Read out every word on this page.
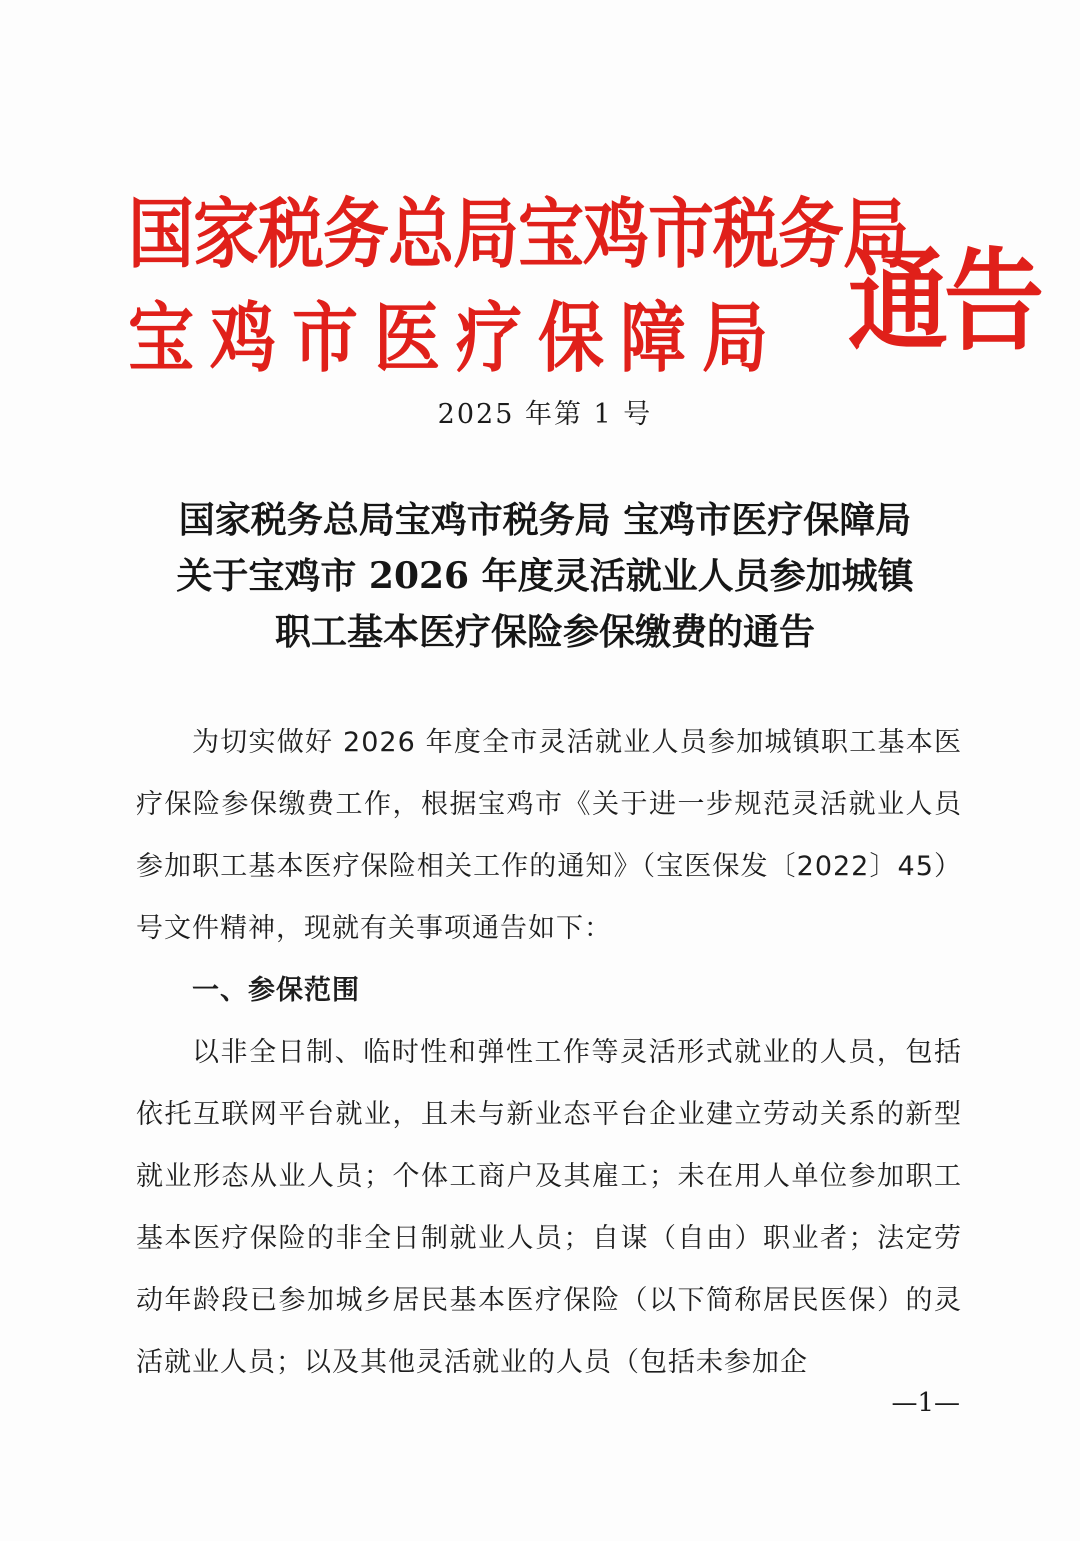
国家税务总局宝鸡市税务局
宝鸡市医疗保障局 通告
2025 年第 1 号
国家税务总局宝鸡市税务局 宝鸡市医疗保障局
关于宝鸡市 2026 年度灵活就业人员参加城镇
职工基本医疗保险参保缴费的通告

为切实做好 2026 年度全市灵活就业人员参加城镇职工基本医疗保险参保缴费工作，根据宝鸡市《关于进一步规范灵活就业人员参加职工基本医疗保险相关工作的通知》（宝医保发〔2022〕45）号文件精神，现就有关事项通告如下：

一、参保范围

以非全日制、临时性和弹性工作等灵活形式就业的人员，包括依托互联网平台就业，且未与新业态平台企业建立劳动关系的新型就业形态从业人员；个体工商户及其雇工；未在用人单位参加职工基本医疗保险的非全日制就业人员；自谋（自由）职业者；法定劳动年龄段已参加城乡居民基本医疗保险（以下简称居民医保）的灵活就业人员；以及其他灵活就业的人员（包括未参加企

—1—
